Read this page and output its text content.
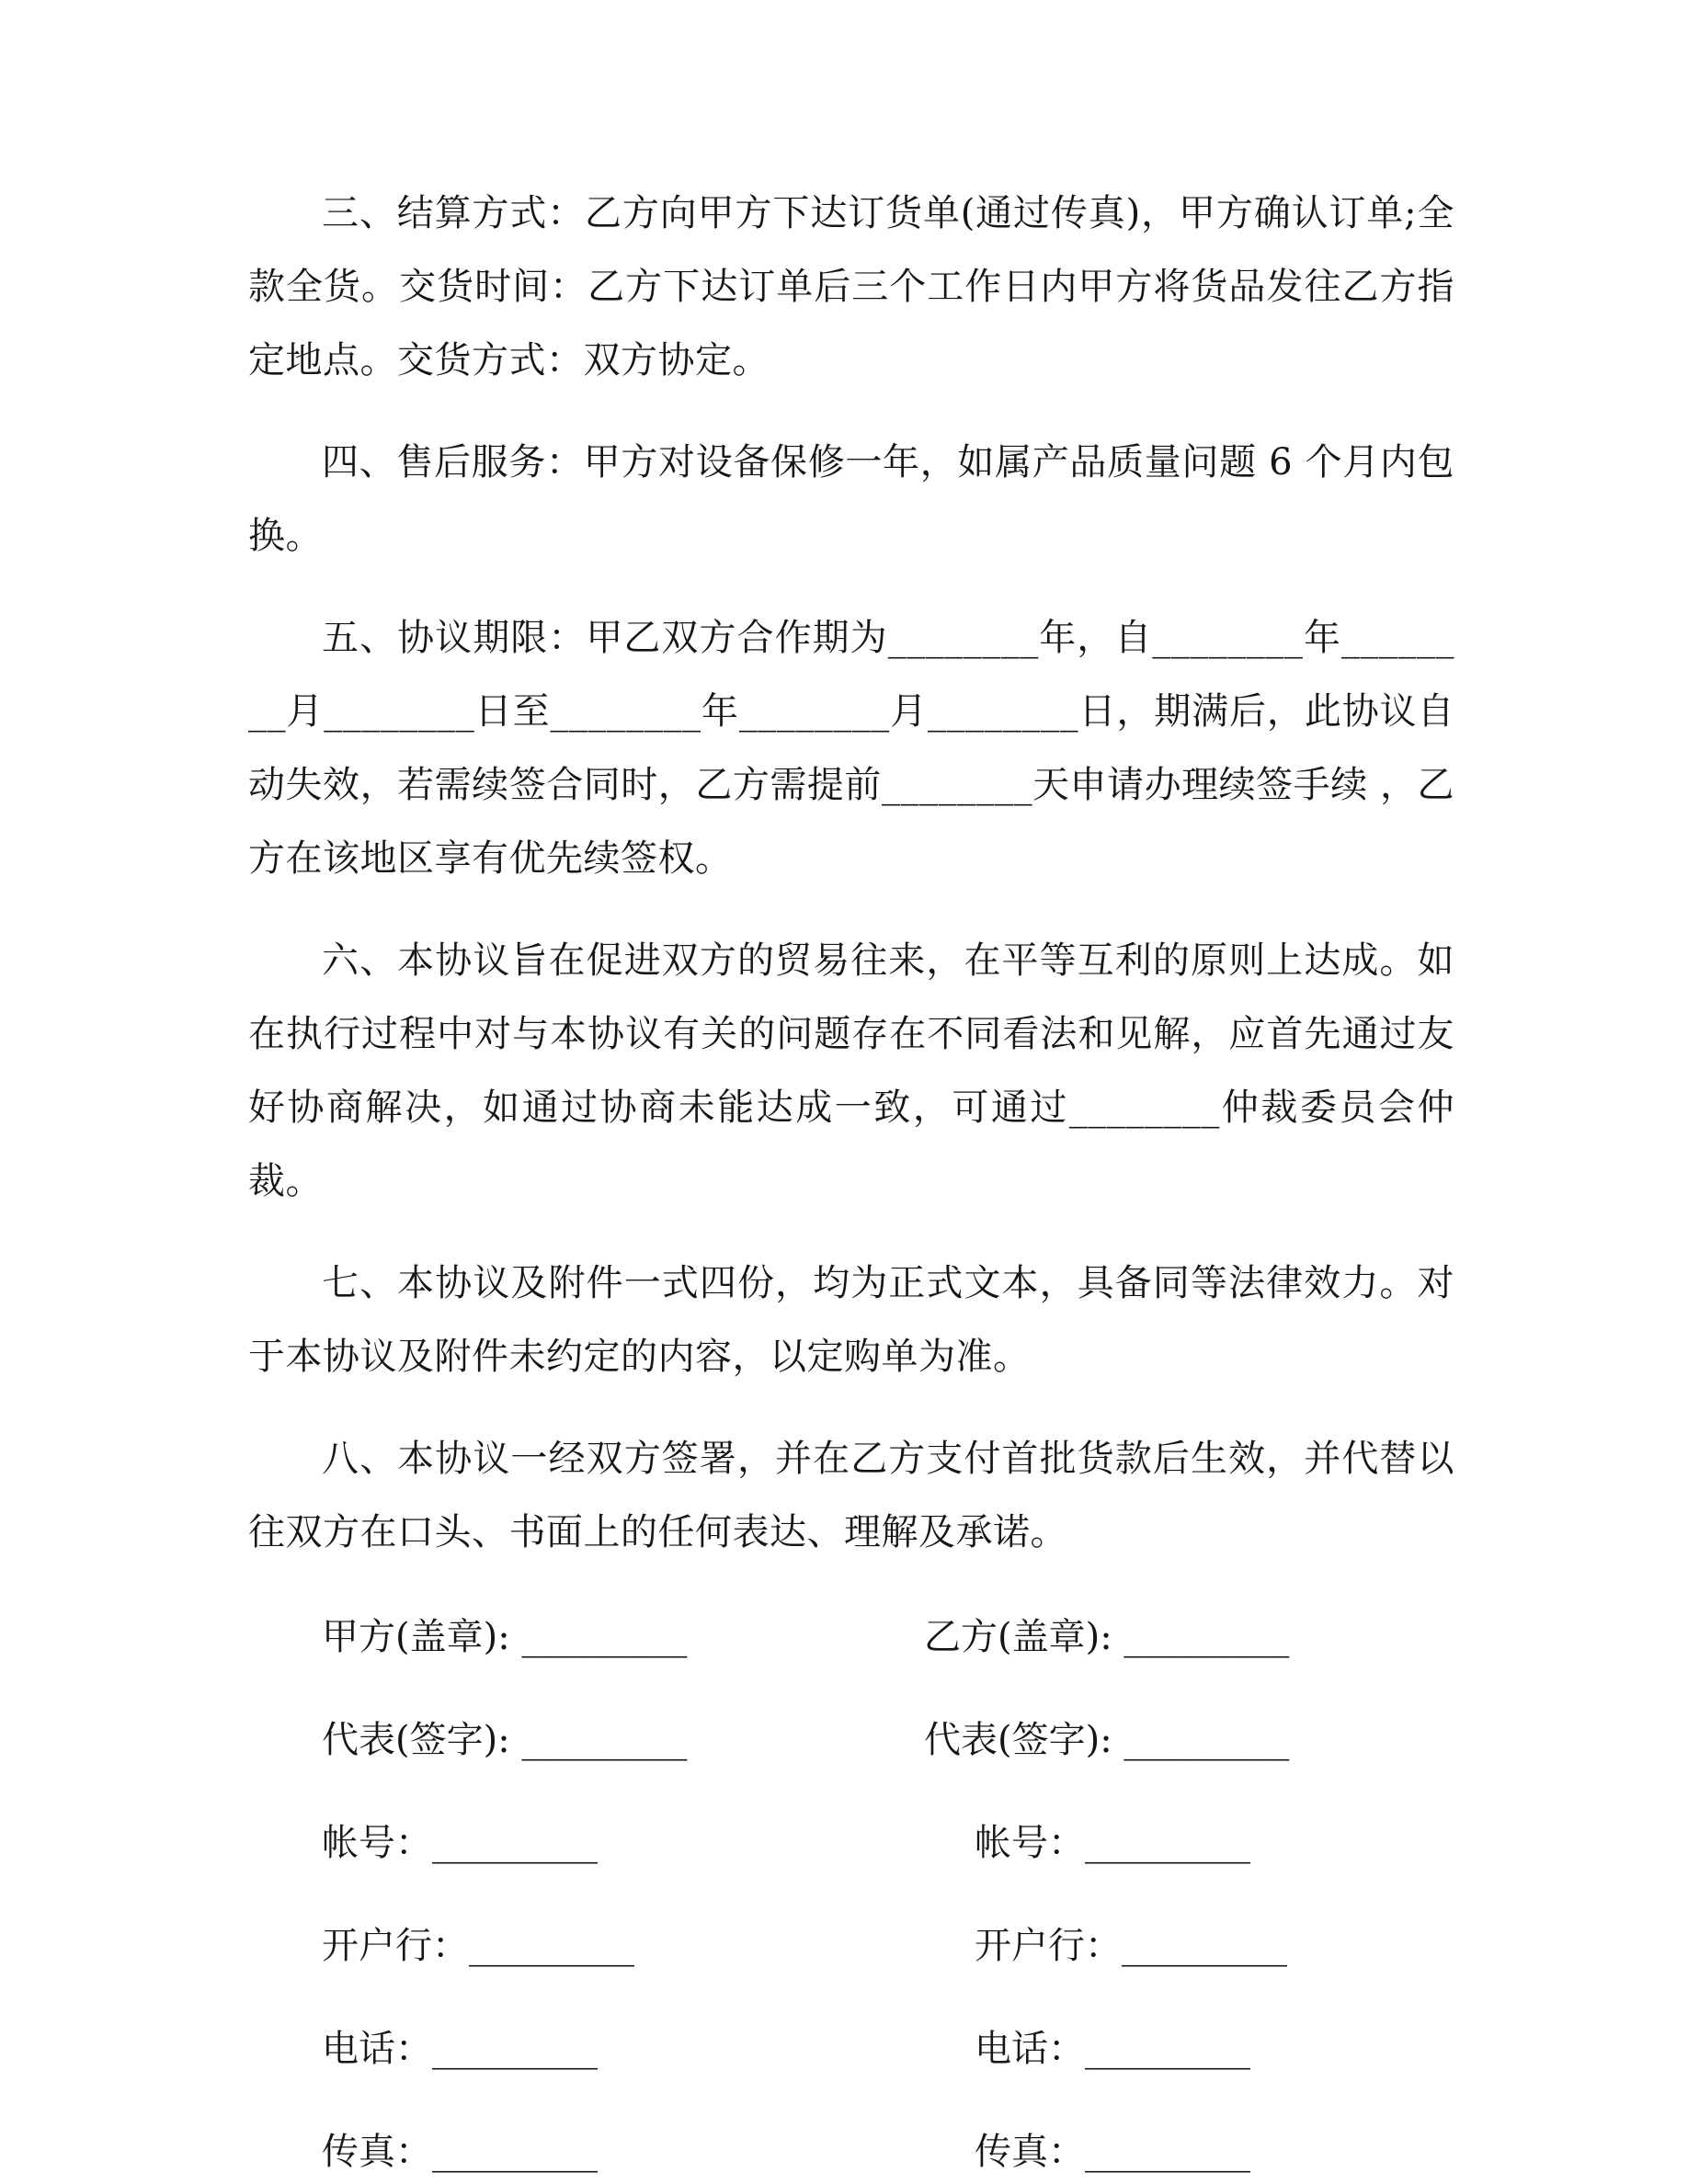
三、结算方式：乙方向甲方下达订货单(通过传真)，甲方确认订单;全款全货。交货时间：乙方下达订单后三个工作日内甲方将货品发往乙方指定地点。交货方式：双方协定。

四、售后服务：甲方对设备保修一年，如属产品质量问题 6 个月内包换。

五、协议期限：甲乙双方合作期为________年，自________年________月________日至________年________月________日，期满后，此协议自动失效，若需续签合同时，乙方需提前________天申请办理续签手续 ，乙方在该地区享有优先续签权。

六、本协议旨在促进双方的贸易往来，在平等互利的原则上达成。如在执行过程中对与本协议有关的问题存在不同看法和见解，应首先通过友好协商解决，如通过协商未能达成一致，可通过________仲裁委员会仲裁。

七、本协议及附件一式四份，均为正式文本，具备同等法律效力。对于本协议及附件未约定的内容，以定购单为准。

八、本协议一经双方签署，并在乙方支付首批货款后生效，并代替以往双方在口头、书面上的任何表达、理解及承诺。

甲方(盖章): _________	乙方(盖章): _________
代表(签字): _________	代表(签字): _________
帐号：_________	帐号：_________
开户行：_________	开户行：_________
电话：_________	电话：_________
传真：_________	传真：_________
